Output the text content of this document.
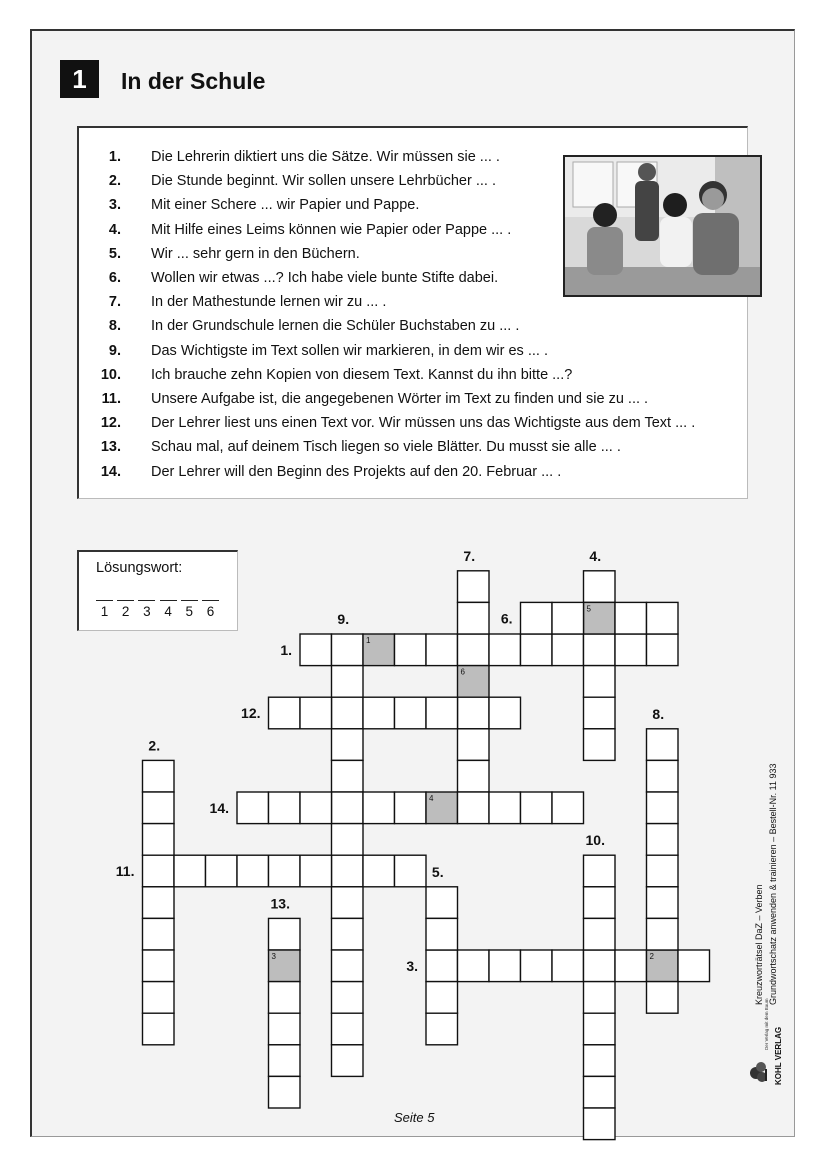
1	In der Schule
1. Die Lehrerin diktiert uns die Sätze. Wir müssen sie ... .
2. Die Stunde beginnt. Wir sollen unsere Lehrbücher ... .
3. Mit einer Schere ... wir Papier und Pappe.
4. Mit Hilfe eines Leims können wie Papier oder Pappe ... .
5. Wir ... sehr gern in den Büchern.
6. Wollen wir etwas ...? Ich habe viele bunte Stifte dabei.
7. In der Mathestunde lernen wir zu ... .
8. In der Grundschule lernen die Schüler Buchstaben zu ... .
9. Das Wichtigste im Text sollen wir markieren, in dem wir es ... .
10. Ich brauche zehn Kopien von diesem Text. Kannst du ihn bitte ...?
11. Unsere Aufgabe ist, die angegebenen Wörter im Text zu finden und sie zu ... .
12. Der Lehrer liest uns einen Text vor. Wir müssen uns das Wichtigste aus dem Text ... .
13. Schau mal, auf deinem Tisch liegen so viele Blätter. Du musst sie alle ... .
14. Der Lehrer will den Beginn des Projekts auf den 20. Februar ... .
Lösungswort:
1	2	3	4	5	6
1
2
3
4
5
6
1.
2.
3.
4.
5.
6.
7.
8.
9.
10.
11.
12.
13.
14.
Kreuzworträtsel DaZ – Verben Grundwortschatz anwenden & trainieren – Bestell-Nr. 11 933
KOHL VERLAG
Der Verlag mit dem Baum
Seite 5
